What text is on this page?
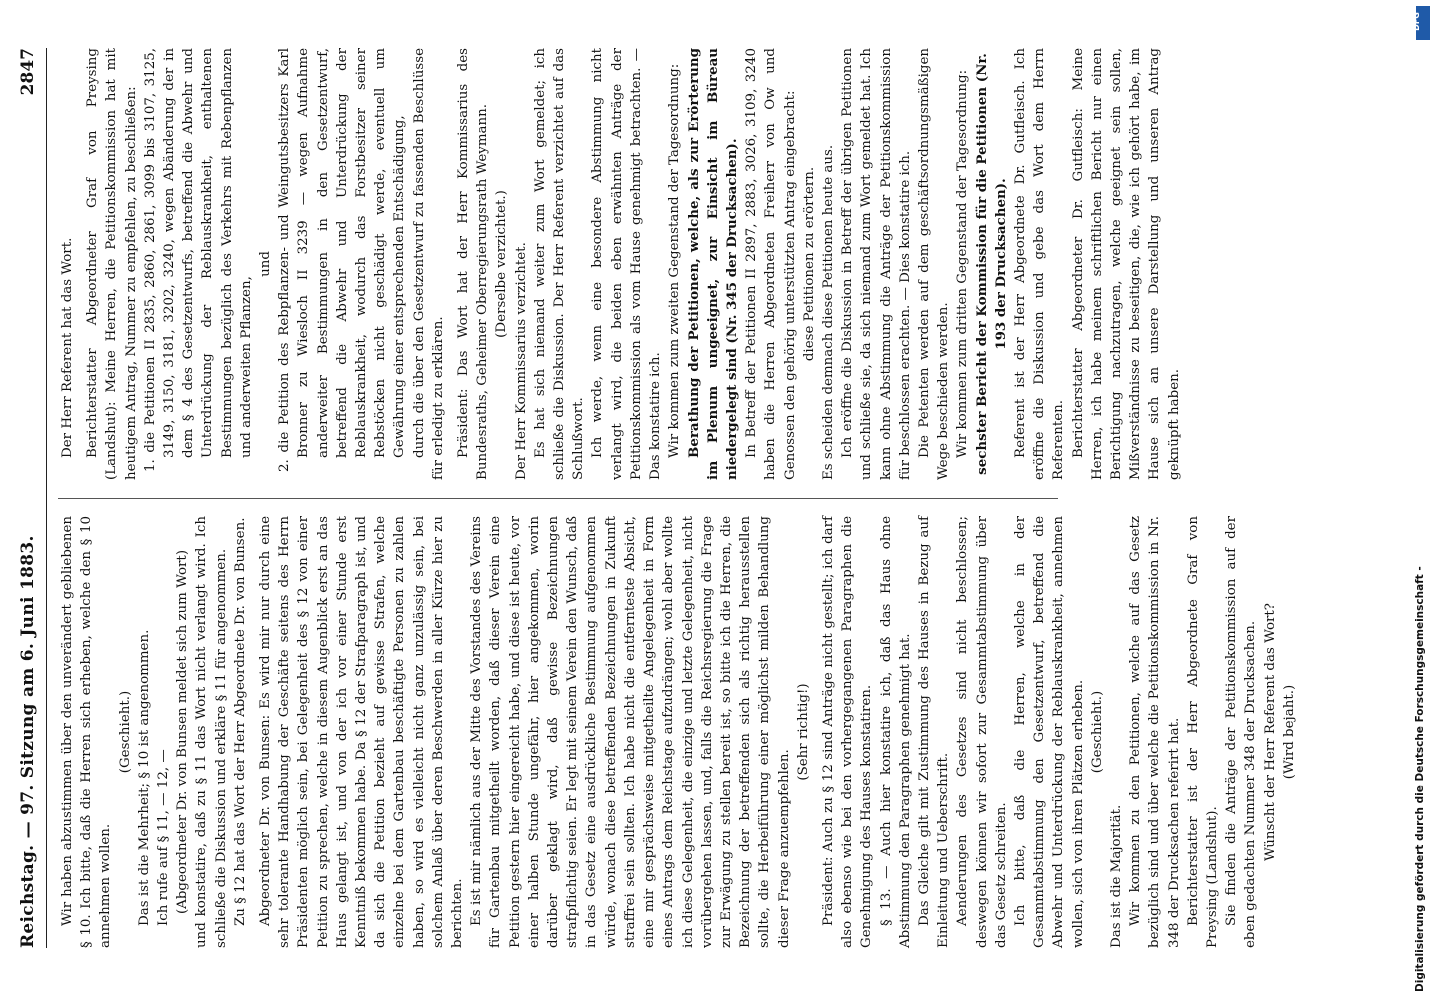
Reichstag. — 97. Sitzung am 6. Juni 1883.
2847

Wir haben abzustimmen über den unverändert gebliebenen § 10. Ich bitte, daß die Herren sich erheben, welche den § 10 annehmen wollen.

(Geschieht.) Das ist die Mehrheit; § 10 ist angenommen. Ich rufe auf § 11, — 12, — (Abgeordneter Dr. von Bunsen meldet sich zum Wort) und konstatire, daß zu § 11 das Wort nicht verlangt wird. Ich schließe die Diskussion und erkläre § 11 für angenommen. Zu § 12 hat das Wort der Herr Abgeordnete Dr. von Bunsen. Abgeordneter Dr. von Bunsen: Es wird mir nur durch eine sehr tolerante Handhabung der Geschäfte seitens des Herrn Präsidenten möglich sein, bei Gelegenheit des § 12 von einer Petition zu sprechen, welche in diesem Augenblick erst an das Haus gelangt ist, und von der ich vor einer Stunde erst Kenntniß bekommen habe. Da § 12 der Strafparagraph ist, und da sich die Petition bezieht auf gewisse Strafen, welche einzelne bei dem Gartenbau beschäftigte Personen zu zahlen haben, so wird es vielleicht nicht ganz unzulässig sein, bei solchem Anlaß über deren Beschwerden in aller Kürze hier zu berichten. Es ist mir nämlich aus der Mitte des Vorstandes des Vereins für Gartenbau mitgetheilt worden, daß dieser Verein eine Petition gestern hier eingereicht habe, und diese ist heute, vor einer halben Stunde ungefähr, hier angekommen, worin darüber geklagt wird, daß gewisse Bezeichnungen strafpflichtig seien. Er legt mit seinem Verein den Wunsch, daß in das Gesetz eine ausdrückliche Bestimmung aufgenommen würde, wonach diese betreffenden Bezeichnungen in Zukunft straffrei sein sollten. Ich habe nicht die entfernteste Absicht, eine mir gesprächsweise mitgetheilte Angelegenheit in Form eines Antrags dem Reichstage aufzudrängen; wohl aber wollte ich diese Gelegenheit, die einzige und letzte Gelegenheit, nicht vorübergehen lassen, und, falls die Reichsregierung die Frage zur Erwägung zu stellen bereit ist, so bitte ich die Herren, die Bezeichnung der betreffenden sich als richtig herausstellen sollte, die Herbeiführung einer möglichst milden Behandlung dieser Frage anzuempfehlen.

(Sehr richtig!) Präsident: Auch zu § 12 sind Anträge nicht gestellt; ich darf also ebenso wie bei den vorhergegangenen Paragraphen die Genehmigung des Hauses konstatiren. § 13. — Auch hier konstatire ich, daß das Haus ohne Abstimmung den Paragraphen genehmigt hat. Das Gleiche gilt mit Zustimmung des Hauses in Bezug auf Einleitung und Ueberschrift. Aenderungen des Gesetzes sind nicht beschlossen; deswegen können wir sofort zur Gesammtabstimmung über das Gesetz schreiten. Ich bitte, daß die Herren, welche in der Gesammtabstimmung den Gesetzentwurf, betreffend die Abwehr und Unterdrückung der Reblauskrankheit, annehmen wollen, sich von ihren Plätzen erheben. (Geschieht.)

Das ist die Majorität. Wir kommen zu den Petitionen, welche auf das Gesetz bezüglich sind und über welche die Petitionskommission in Nr. 348 der Drucksachen referirt hat. Berichterstatter ist der Herr Abgeordnete Graf von Preysing (Landshut). Sie finden die Anträge der Petitionskommission auf der eben gedachten Nummer 348 der Drucksachen. Wünscht der Herr Referent das Wort? (Wird bejaht.)

Der Herr Referent hat das Wort. Berichterstatter Abgeordneter Graf von Preysing (Landshut): Meine Herren, die Petitionskommission hat mit heutigem Antrag, Nummer zu empfehlen, zu beschließen: 1. die Petitionen II 2835, 2860, 2861, 3099 bis 3107, 3125, 3149, 3150, 3181, 3202, 3240, wegen Abänderung der in dem § 4 des Gesetzentwurfs, betreffend die Abwehr und Unterdrückung der Reblauskrankheit, enthaltenen Bestimmungen bezüglich des Verkehrs mit Rebenpflanzen und anderweiten Pflanzen,

und 2. die Petition des Rebpflanzen- und Weingutsbesitzers Karl Bronner zu Wiesloch II 3239 — wegen Aufnahme anderweiter Bestimmungen in den Gesetzentwurf, betreffend die Abwehr und Unterdrückung der Reblauskrankheit, wodurch das Forstbesitzer seiner Rebstöcken nicht geschädigt werde, eventuell um Gewährung einer entsprechenden Entschädigung, durch die über den Gesetzentwurf zu fassenden Beschlüsse für erledigt zu erklären. Präsident: Das Wort hat der Herr Kommissarius des Bundesraths, Geheimer Oberregierungsrath Weymann. (Derselbe verzichtet.) Der Herr Kommissarius verzichtet. Es hat sich niemand weiter zum Wort gemeldet; ich schließe die Diskussion. Der Herr Referent verzichtet auf das Schlußwort. Ich werde, wenn eine besondere Abstimmung nicht verlangt wird, die beiden eben erwähnten Anträge der Petitionskommission als vom Hause genehmigt betrachten. — Das konstatire ich. Wir kommen zum zweiten Gegenstand der Tagesordnung: Berathung der Petitionen, welche, als zur Erörterung im Plenum ungeeignet, zur Einsicht im Büreau niedergelegt sind (Nr. 345 der Drucksachen). In Betreff der Petitionen II 2897, 2883, 3026, 3109, 3240 haben die Herren Abgeordneten Freiherr von Ow und Genossen den gehörig unterstützten Antrag eingebracht: diese Petitionen zu erörtern. Es scheiden demnach diese Petitionen heute aus. Ich eröffne die Diskussion in Betreff der übrigen Petitionen und schließe sie, da sich niemand zum Wort gemeldet hat. Ich kann ohne Abstimmung die Anträge der Petitionskommission für beschlossen erachten. — Dies konstatire ich. Die Petenten werden auf dem geschäftsordnungsmäßigen Wege beschieden werden. Wir kommen zum dritten Gegenstand der Tagesordnung: sechster Bericht der Kommission für die Petitionen (Nr. 193 der Drucksachen). Referent ist der Herr Abgeordnete Dr. Gutfleisch. Ich eröffne die Diskussion und gebe das Wort dem Herrn Referenten. Berichterstatter Abgeordneter Dr. Gutfleisch: Meine Herren, ich habe meinem schriftlichen Bericht nur einen Berichtigung nachzutragen, welche geeignet sein sollen, Mißverständnisse zu beseitigen, die, wie ich gehört habe, im Hause sich an unsere Darstellung und unseren Antrag geknüpft haben.

Digitalisierung gefördert durch die Deutsche Forschungsgemeinschaft -
DFG
